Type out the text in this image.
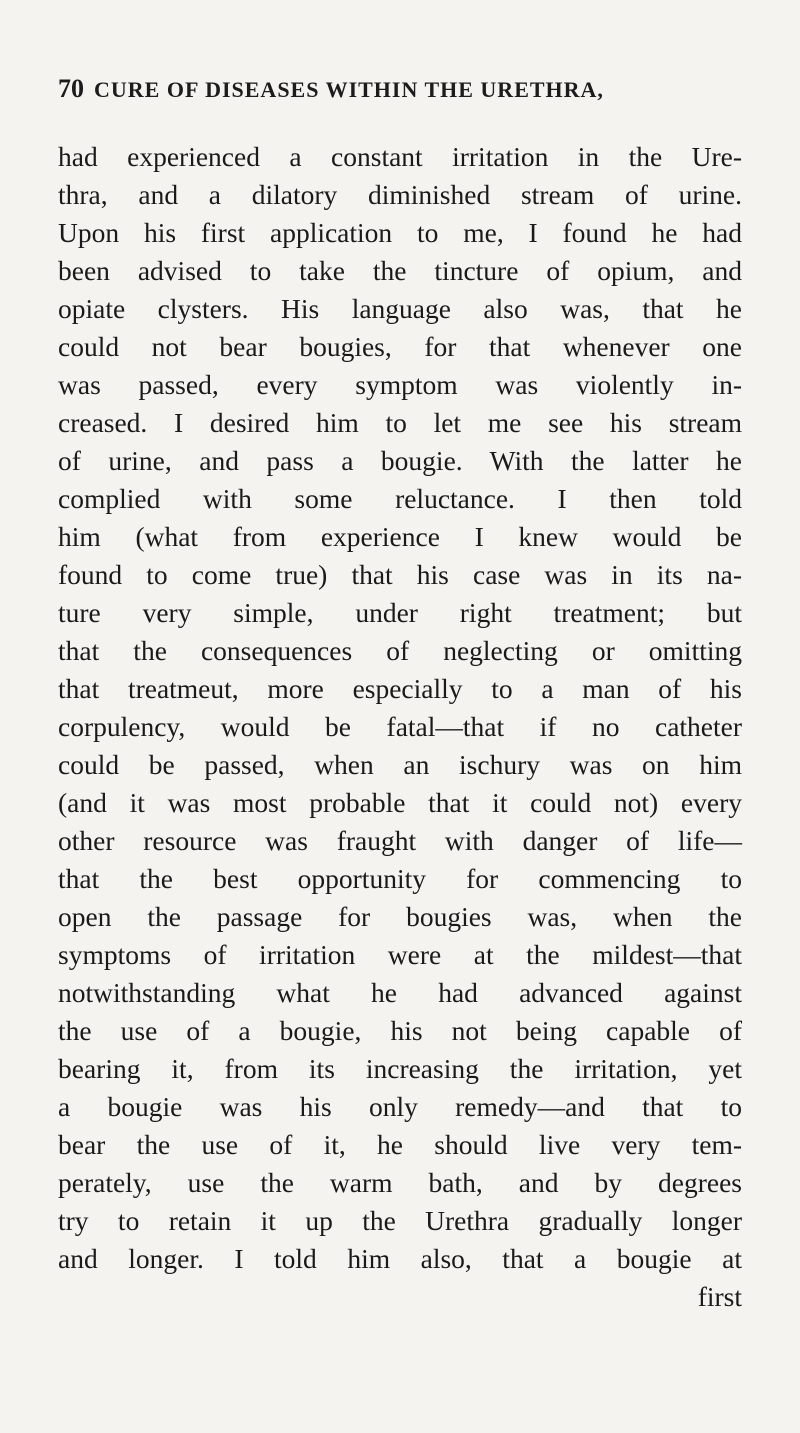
70 CURE OF DISEASES WITHIN THE URETHRA,
had experienced a constant irritation in the Ure-
thra, and a dilatory diminished stream of urine.
Upon his first application to me, I found he had
been advised to take the tincture of opium, and
opiate clysters. His language also was, that he
could not bear bougies, for that whenever one
was passed, every symptom was violently in-
creased. I desired him to let me see his stream
of urine, and pass a bougie. With the latter he
complied with some reluctance. I then told
him (what from experience I knew would be
found to come true) that his case was in its na-
ture very simple, under right treatment; but
that the consequences of neglecting or omitting
that treatmeut, more especially to a man of his
corpulency, would be fatal—that if no catheter
could be passed, when an ischury was on him
(and it was most probable that it could not) every
other resource was fraught with danger of life—
that the best opportunity for commencing to
open the passage for bougies was, when the
symptoms of irritation were at the mildest—that
notwithstanding what he had advanced against
the use of a bougie, his not being capable of
bearing it, from its increasing the irritation, yet
a bougie was his only remedy—and that to
bear the use of it, he should live very tem-
perately, use the warm bath, and by degrees
try to retain it up the Urethra gradually longer
and longer. I told him also, that a bougie at
first
